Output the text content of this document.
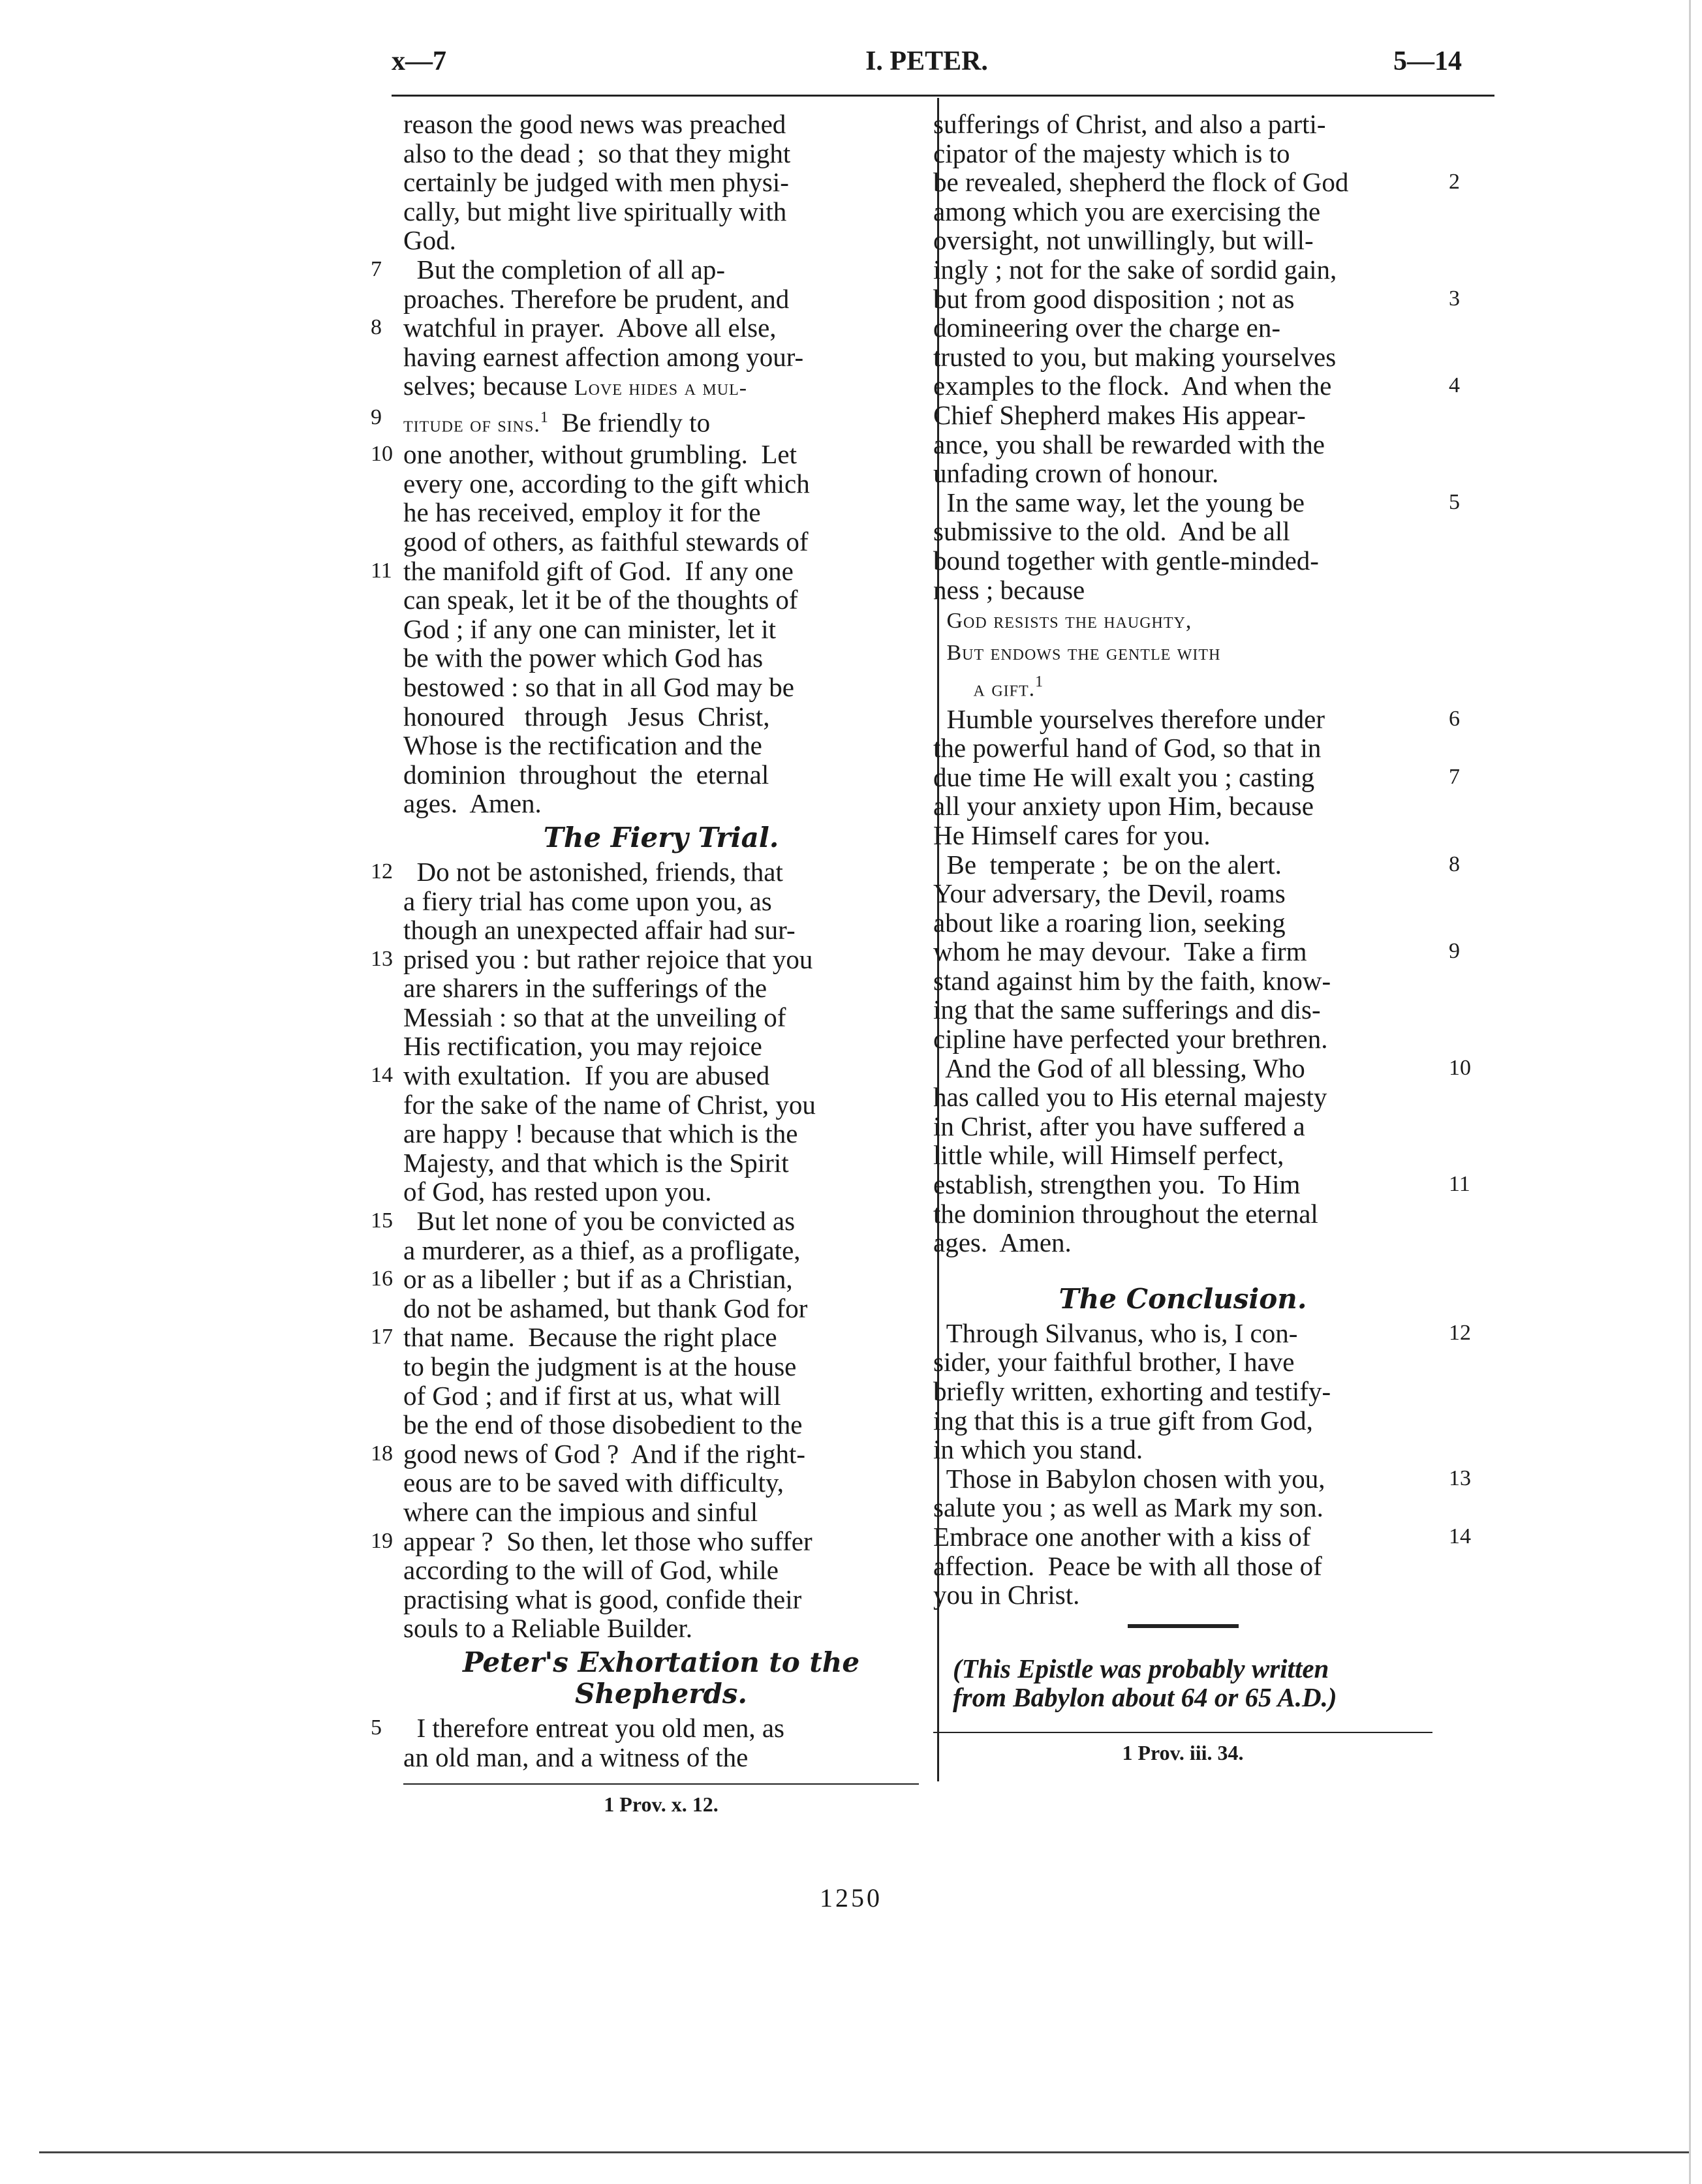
x—7	I. PETER.	5—14
reason the good news was preached
also to the dead ;  so that they might
certainly be judged with men physi-
cally, but might live spiritually with
God.
7 But the completion of all ap-
proaches. Therefore be prudent, and
8 watchful in prayer.  Above all else,
having earnest affection among your-
selves; because Love hides a mul-
9 titude of sins.$^1$  Be friendly to
10 one another, without grumbling.  Let
every one, according to the gift which
he has received, employ it for the
good of others, as faithful stewards of
11 the manifold gift of God.  If any one
can speak, let it be of the thoughts of
God ; if any one can minister, let it
be with the power which God has
bestowed : so that in all God may be
honoured   through   Jesus  Christ,
Whose is the rectification and the
dominion  throughout  the  eternal
ages.  Amen.
The Fiery Trial.
12 Do not be astonished, friends, that
a fiery trial has come upon you, as
though an unexpected affair had sur-
13 prised you : but rather rejoice that you
are sharers in the sufferings of the
Messiah : so that at the unveiling of
His rectification, you may rejoice
14 with exultation.  If you are abused
for the sake of the name of Christ, you
are happy ! because that which is the
Majesty, and that which is the Spirit
of God, has rested upon you.
15 But let none of you be convicted as
a murderer, as a thief, as a profligate,
16 or as a libeller ; but if as a Christian,
do not be ashamed, but thank God for
17 that name.  Because the right place
to begin the judgment is at the house
of God ; and if first at us, what will
be the end of those disobedient to the
18 good news of God ?  And if the right-
eous are to be saved with difficulty,
where can the impious and sinful
19 appear ?  So then, let those who suffer
according to the will of God, while
practising what is good, confide their
souls to a Reliable Builder.
Peter's Exhortation to the
Shepherds.
5 I therefore entreat you old men, as
an old man, and a witness of the
1 Prov. x. 12.
sufferings of Christ, and also a parti-
cipator of the majesty which is to
2
be revealed, shepherd the flock of God
among which you are exercising the
oversight, not unwillingly, but will-
ingly ; not for the sake of sordid gain,
3
but from good disposition ; not as
domineering over the charge en-
trusted to you, but making yourselves
4
examples to the flock.  And when the
Chief Shepherd makes His appear-
ance, you shall be rewarded with the
unfading crown of honour.
5
In the same way, let the young be
submissive to the old.  And be all
bound together with gentle-minded-
ness ; because
God resists the haughty,
But endows the gentle with
a gift.$^1$
6
Humble yourselves therefore under
the powerful hand of God, so that in
7
due time He will exalt you ; casting
all your anxiety upon Him, because
He Himself cares for you.
8
Be  temperate ;  be on the alert.
Your adversary, the Devil, roams
about like a roaring lion, seeking
9
whom he may devour.  Take a firm
stand against him by the faith, know-
ing that the same sufferings and dis-
cipline have perfected your brethren.
10
And the God of all blessing, Who
has called you to His eternal majesty
in Christ, after you have suffered a
little while, will Himself perfect,
11
establish, strengthen you.  To Him
the dominion throughout the eternal
ages.  Amen.
The Conclusion.
12
Through Silvanus, who is, I con-
sider, your faithful brother, I have
briefly written, exhorting and testify-
ing that this is a true gift from God,
in which you stand.
13
Those in Babylon chosen with you,
salute you ; as well as Mark my son.
14
Embrace one another with a kiss of
affection.  Peace be with all those of
you in Christ.
(This Epistle was probably written
from Babylon about 64 or 65 A.D.)
1 Prov. iii. 34.
1250
